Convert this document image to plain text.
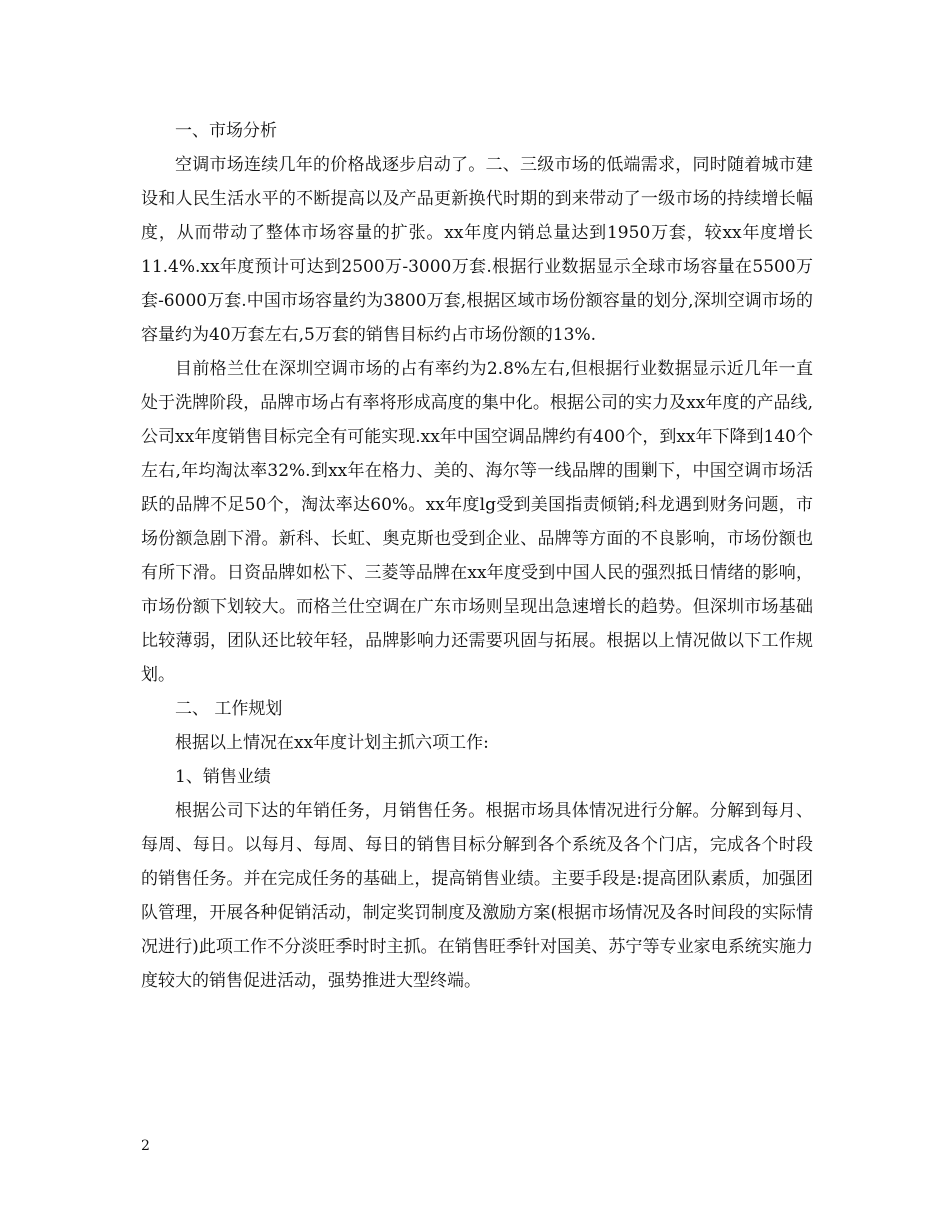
一、市场分析

空调市场连续几年的价格战逐步启动了。二、三级市场的低端需求，同时随着城市建设和人民生活水平的不断提高以及产品更新换代时期的到来带动了一级市场的持续增长幅度，从而带动了整体市场容量的扩张。xx年度内销总量达到1950万套，较xx年度增长11.4%.xx年度预计可达到2500万-3000万套.根据行业数据显示全球市场容量在5500万套-6000万套.中国市场容量约为3800万套,根据区域市场份额容量的划分,深圳空调市场的容量约为40万套左右,5万套的销售目标约占市场份额的13%.

目前格兰仕在深圳空调市场的占有率约为2.8%左右,但根据行业数据显示近几年一直处于洗牌阶段，品牌市场占有率将形成高度的集中化。根据公司的实力及xx年度的产品线,公司xx年度销售目标完全有可能实现.xx年中国空调品牌约有400个，到xx年下降到140个左右,年均淘汰率32%.到xx年在格力、美的、海尔等一线品牌的围剿下，中国空调市场活跃的品牌不足50个，淘汰率达60%。xx年度lg受到美国指责倾销;科龙遇到财务问题，市场份额急剧下滑。新科、长虹、奥克斯也受到企业、品牌等方面的不良影响，市场份额也有所下滑。日资品牌如松下、三菱等品牌在xx年度受到中国人民的强烈抵日情绪的影响，市场份额下划较大。而格兰仕空调在广东市场则呈现出急速增长的趋势。但深圳市场基础比较薄弱，团队还比较年轻，品牌影响力还需要巩固与拓展。根据以上情况做以下工作规划。

二、 工作规划

根据以上情况在xx年度计划主抓六项工作:

1、销售业绩

根据公司下达的年销任务，月销售任务。根据市场具体情况进行分解。分解到每月、每周、每日。以每月、每周、每日的销售目标分解到各个系统及各个门店，完成各个时段的销售任务。并在完成任务的基础上，提高销售业绩。主要手段是:提高团队素质，加强团队管理，开展各种促销活动，制定奖罚制度及激励方案(根据市场情况及各时间段的实际情况进行)此项工作不分淡旺季时时主抓。在销售旺季针对国美、苏宁等专业家电系统实施力度较大的销售促进活动，强势推进大型终端。

2
